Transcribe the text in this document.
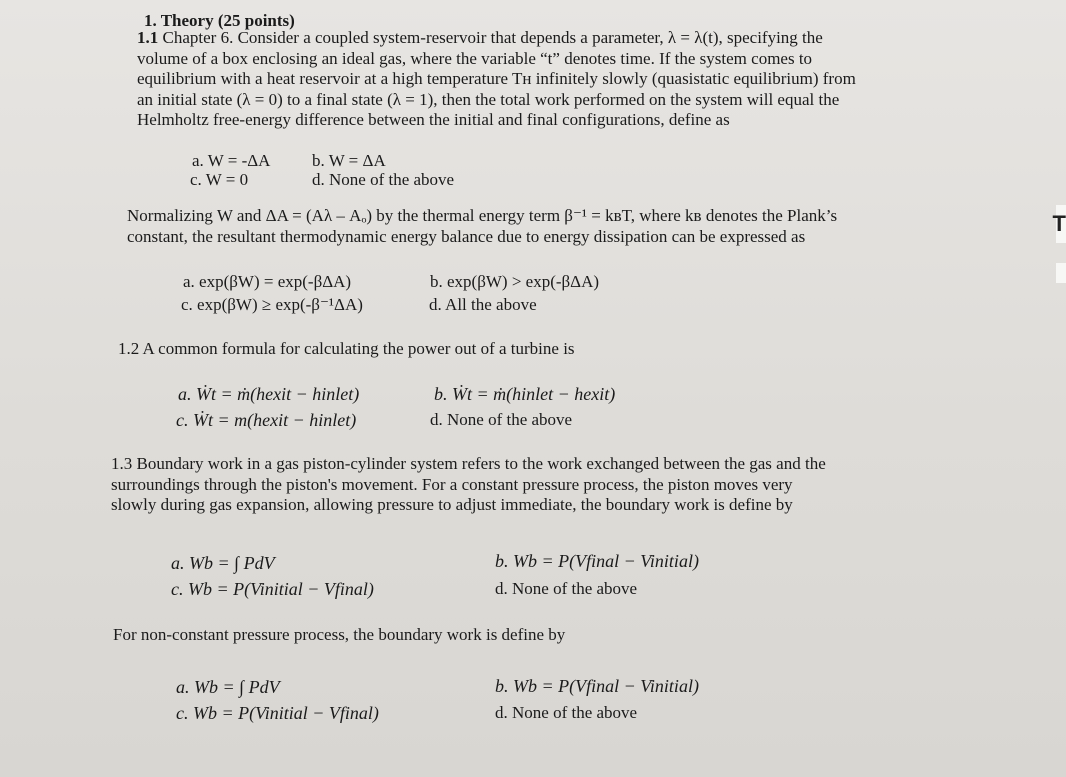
1. Theory (25 points)
1.1 Chapter 6. Consider a coupled system-reservoir that depends a parameter, λ = λ(t), specifying the
volume of a box enclosing an ideal gas, where the variable “t” denotes time. If the system comes to
equilibrium with a heat reservoir at a high temperature Tʜ infinitely slowly (quasistatic equilibrium) from
an initial state (λ = 0) to a final state (λ = 1), then the total work performed on the system will equal the
Helmholtz free-energy difference between the initial and final configurations, define as
a. W = -ΔA b. W = ΔA
c. W = 0	d. None of the above
Normalizing W and ΔA = (Aλ – Aₒ) by the thermal energy term β⁻¹ = kʙT, where kʙ denotes the Plank’s
constant, the resultant thermodynamic energy balance due to energy dissipation can be expressed as
a. exp(βW) = exp(-βΔA)	b. exp(βW) > exp(-βΔA)
c. exp(βW) ≥ exp(-β⁻¹ΔA)	d. All the above
1.2 A common formula for calculating the power out of a turbine is
a. Ẇt = ṁ(hexit − hinlet)	b. Ẇt = ṁ(hinlet − hexit)
c. Ẇt = m(hexit − hinlet)	d. None of the above
1.3 Boundary work in a gas piston-cylinder system refers to the work exchanged between the gas and the
surroundings through the piston's movement. For a constant pressure process, the piston moves very
slowly during gas expansion, allowing pressure to adjust immediate, the boundary work is define by
a. Wb = ∫ PdV	b. Wb = P(Vfinal − Vinitial)
c. Wb = P(Vinitial − Vfinal)	d. None of the above
For non-constant pressure process, the boundary work is define by
a. Wb = ∫ PdV	b. Wb = P(Vfinal − Vinitial)
c. Wb = P(Vinitial − Vfinal)	d. None of the above
T
